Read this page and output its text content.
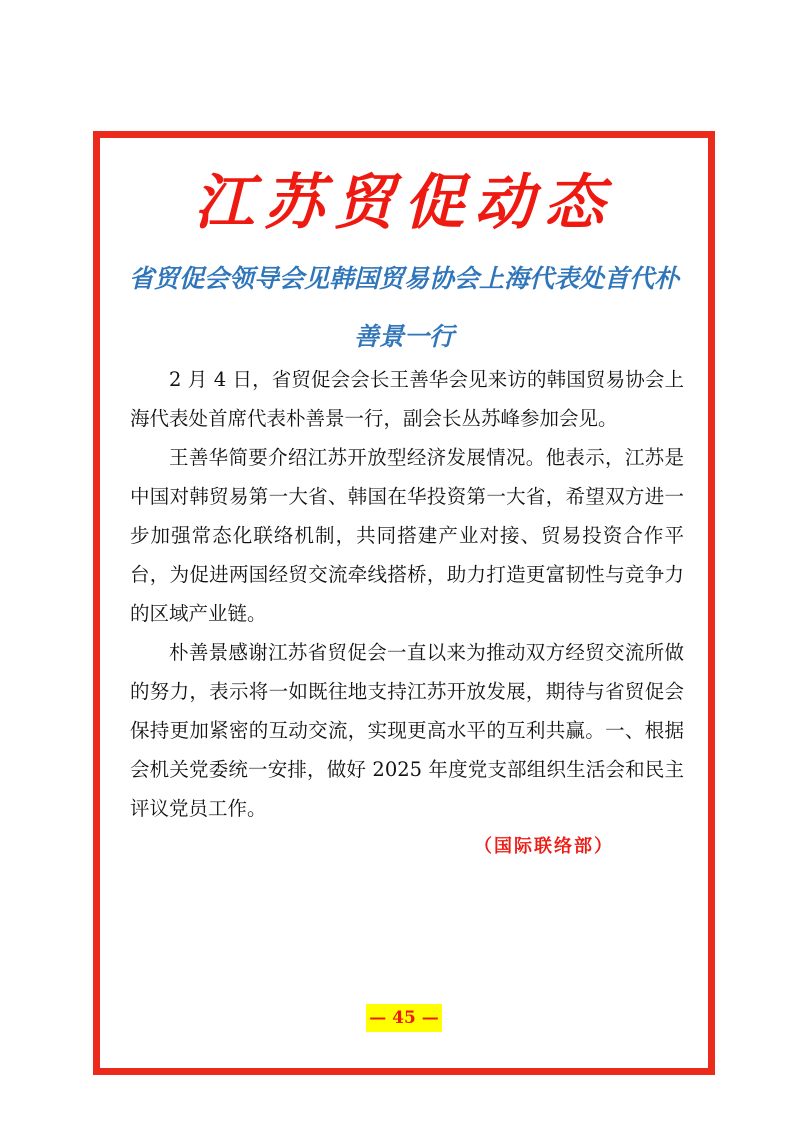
江苏贸促动态
省贸促会领导会见韩国贸易协会上海代表处首代朴善景一行

2 月 4 日，省贸促会会长王善华会见来访的韩国贸易协会上海代表处首席代表朴善景一行，副会长丛苏峰参加会见。

王善华简要介绍江苏开放型经济发展情况。他表示，江苏是中国对韩贸易第一大省、韩国在华投资第一大省，希望双方进一步加强常态化联络机制，共同搭建产业对接、贸易投资合作平台，为促进两国经贸交流牵线搭桥，助力打造更富韧性与竞争力的区域产业链。

朴善景感谢江苏省贸促会一直以来为推动双方经贸交流所做的努力，表示将一如既往地支持江苏开放发展，期待与省贸促会保持更加紧密的互动交流，实现更高水平的互利共赢。一、根据会机关党委统一安排，做好 2025 年度党支部组织生活会和民主评议党员工作。

（国际联络部）
— 45 —
